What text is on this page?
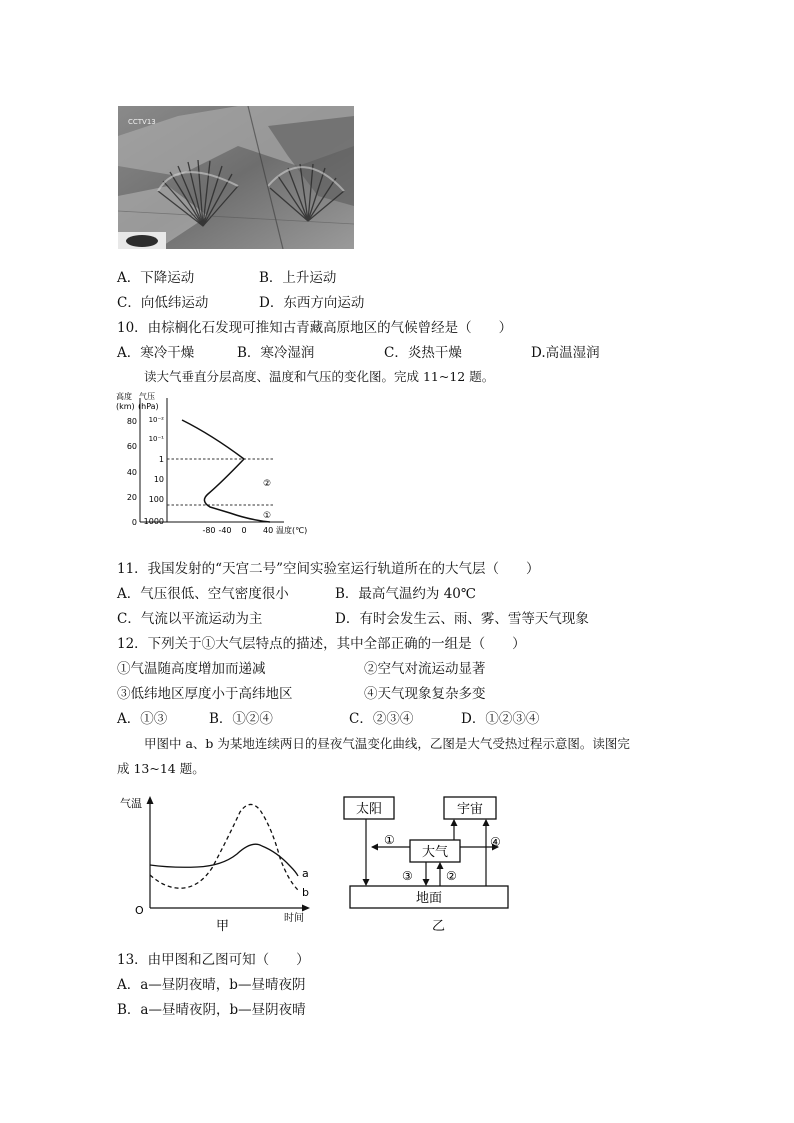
CCTV13
A．下降运动	B．上升运动
C．向低纬运动	D．东西方向运动
10．由棕榈化石发现可推知古青藏高原地区的气候曾经是（　　）
A．寒冷干燥	B．寒冷湿润	C．炎热干燥	D.高温湿润
读大气垂直分层高度、温度和气压的变化图。完成 11~12 题。
高度
(km)
气压
(hPa)
80
60
40
20
0
10⁻²
10⁻¹
1
10
100
1000
②
①
-80 -40 0 40 温度(℃)
11．我国发射的“天宫二号”空间实验室运行轨道所在的大气层（　　）
A．气压很低、空气密度很小	B．最高气温约为 40℃
C．气流以平流运动为主	D．有时会发生云、雨、雾、雪等天气现象
12．下列关于①大气层特点的描述，其中全部正确的一组是（　　）
①气温随高度增加而递减	②空气对流运动显著
③低纬地区厚度小于高纬地区	④天气现象复杂多变
A．①③	B．①②④	C．②③④	D．①②③④
甲图中 a、b 为某地连续两日的昼夜气温变化曲线，乙图是大气受热过程示意图。读图完
成 13~14 题。
气温
O
时间
a
b
甲
太阳	宇宙
大气
地面
①
③	②
④
乙
13．由甲图和乙图可知（　　）
A．a—昼阴夜晴，b—昼晴夜阴
B．a—昼晴夜阴，b—昼阴夜晴
